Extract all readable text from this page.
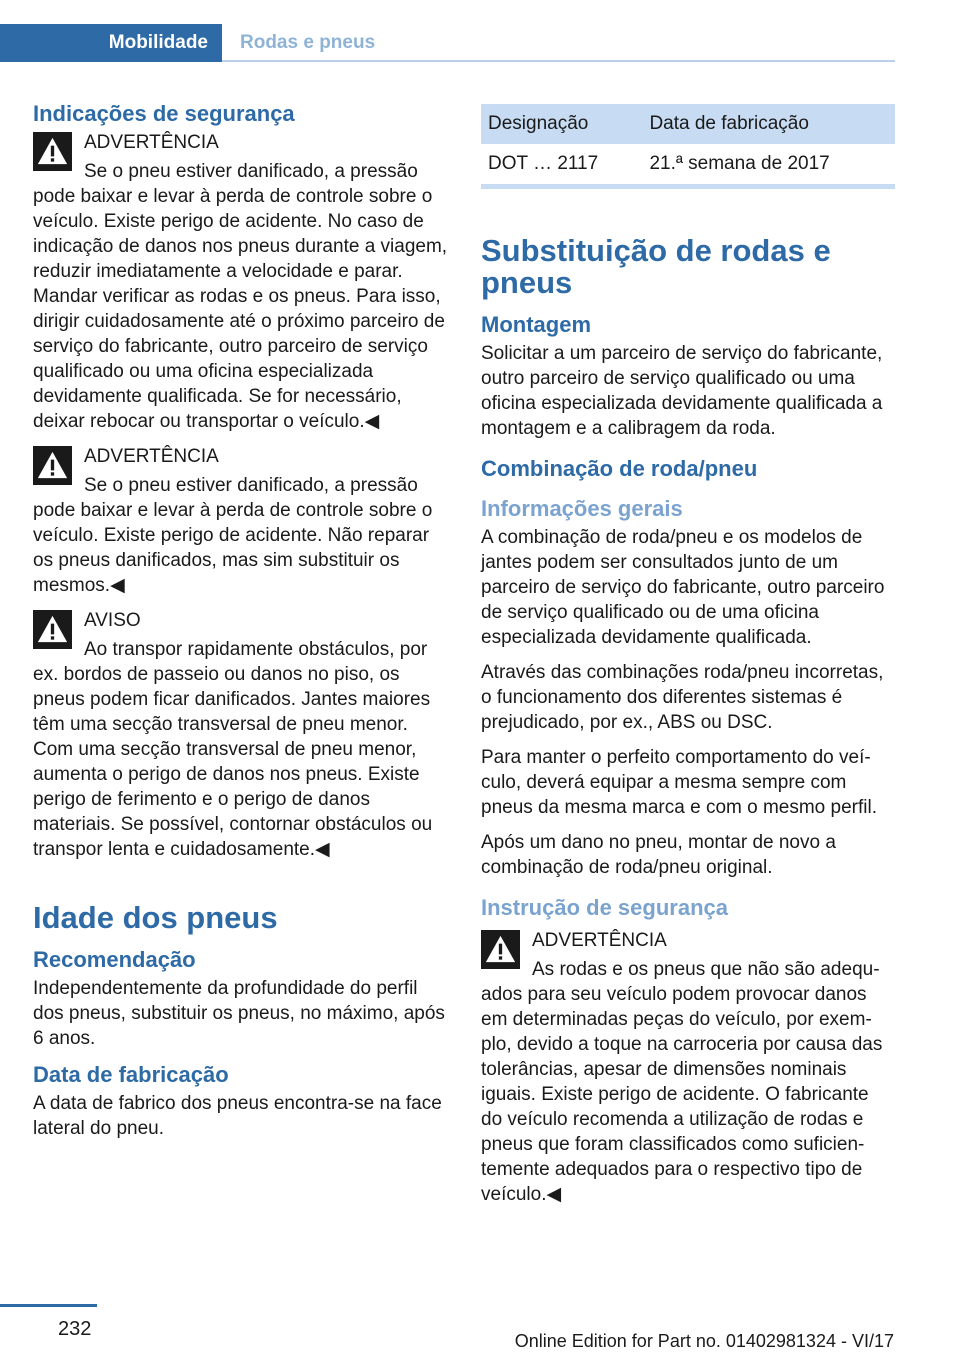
Mobilidade	Rodas e pneus
Indicações de segurança
ADVERTÊNCIA

Se o pneu estiver danificado, a pressão pode baixar e levar à perda de controle sobre o veículo. Existe perigo de acidente. No caso de indicação de danos nos pneus durante a viagem, reduzir imediatamente a velocidade e parar. Mandar verificar as rodas e os pneus. Para isso, dirigir cuidadosamente até o próximo parceiro de serviço do fabricante, outro parceiro de serviço qualificado ou uma oficina especializada devidamente qualificada. Se for necessário, deixar rebocar ou transportar o veículo.◀

ADVERTÊNCIA

Se o pneu estiver danificado, a pressão pode baixar e levar à perda de controle sobre o veículo. Existe perigo de acidente. Não reparar os pneus danificados, mas sim substituir os mesmos.◀

AVISO

Ao transpor rapidamente obstáculos, por ex. bordos de passeio ou danos no piso, os pneus podem ficar danificados. Jantes maiores têm uma secção transversal de pneu menor. Com uma secção transversal de pneu menor, aumenta o perigo de danos nos pneus. Existe perigo de ferimento e o perigo de danos materiais. Se possível, contornar obstáculos ou transpor lenta e cuidadosamente.◀

Idade dos pneus
Recomendação

Independentemente da profundidade do perfil dos pneus, substituir os pneus, no máximo, após 6 anos.

Data de fabricação

A data de fabrico dos pneus encontra-se na face lateral do pneu.

Designação	Data de fabricação
DOT … 2117	21.ª semana de 2017
Substituição de rodas e pneus
Montagem

Solicitar a um parceiro de serviço do fabricante, outro parceiro de serviço qualificado ou uma oficina especializada devidamente qualificada a montagem e a calibragem da roda.

Combinação de roda/pneu
Informações gerais

A combinação de roda/pneu e os modelos de jantes podem ser consultados junto de um parceiro de serviço do fabricante, outro parceiro de serviço qualificado ou de uma oficina especializada devidamente qualificada.

Através das combinações roda/pneu incorretas, o funcionamento dos diferentes sistemas é prejudicado, por ex., ABS ou DSC.

Para manter o perfeito comportamento do veículo, deverá equipar a mesma sempre com pneus da mesma marca e com o mesmo perfil.

Após um dano no pneu, montar de novo a combinação de roda/pneu original.

Instrução de segurança
ADVERTÊNCIA

As rodas e os pneus que não são adequados para seu veículo podem provocar danos em determinadas peças do veículo, por exemplo, devido a toque na carroceria por causa das tolerâncias, apesar de dimensões nominais iguais. Existe perigo de acidente. O fabricante do veículo recomenda a utilização de rodas e pneus que foram classificados como suficientemente adequados para o respectivo tipo de veículo.◀

232
Online Edition for Part no. 01402981324 - VI/17
